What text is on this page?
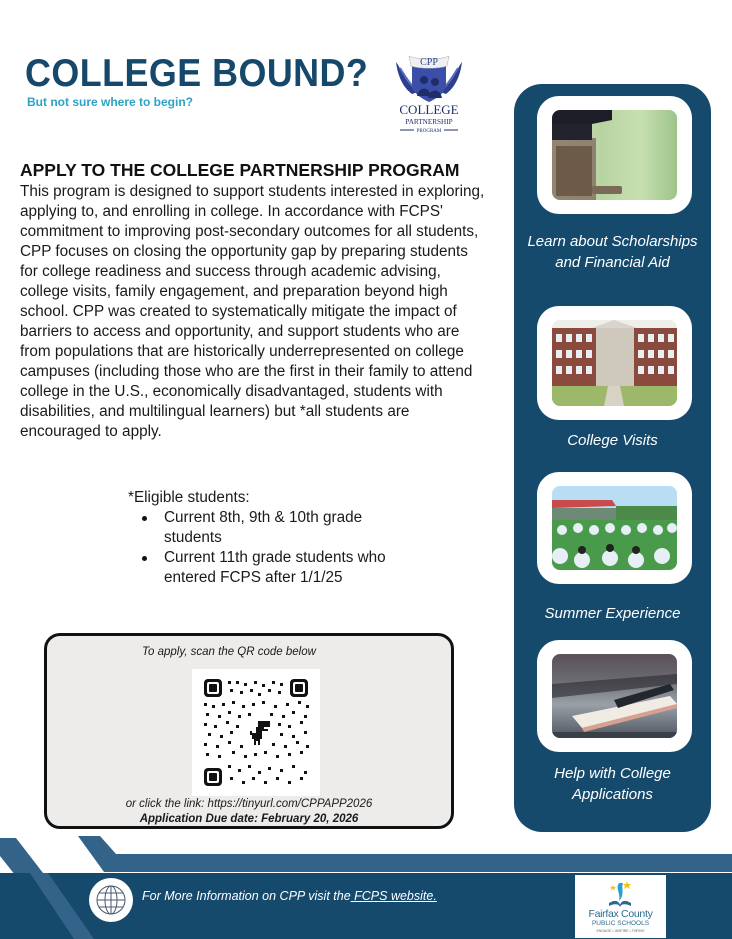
COLLEGE BOUND?
But not sure where to begin?
CPP
COLLEGE
PARTNERSHIP
PROGRAM
APPLY TO THE COLLEGE PARTNERSHIP PROGRAM
This program is designed to support students interested in exploring, applying to, and enrolling in college. In accordance with FCPS' commitment to improving post-secondary outcomes for all students, CPP focuses on closing the opportunity gap by preparing students for college readiness and success through academic advising, college visits, family engagement, and preparation beyond high school. CPP was created to systematically mitigate the impact of barriers to access and opportunity, and support students who are from populations that are historically underrepresented on college campuses (including those who are the first in their family to attend college in the U.S., economically disadvantaged, students with disabilities, and multilingual learners) but *all students are encouraged to apply.
*Eligible students:
Current 8th, 9th & 10th grade students
Current 11th grade students who entered FCPS after 1/1/25
To apply, scan the QR code below
or click the link: https://tinyurl.com/CPPAPP2026
Application Due date: February 20, 2026
Learn about Scholarships and Financial Aid
College Visits
Summer Experience
Help with College Applications
For More Information on CPP visit the FCPS website.
Fairfax County
PUBLIC SCHOOLS
ENGAGE • INSPIRE • THRIVE
